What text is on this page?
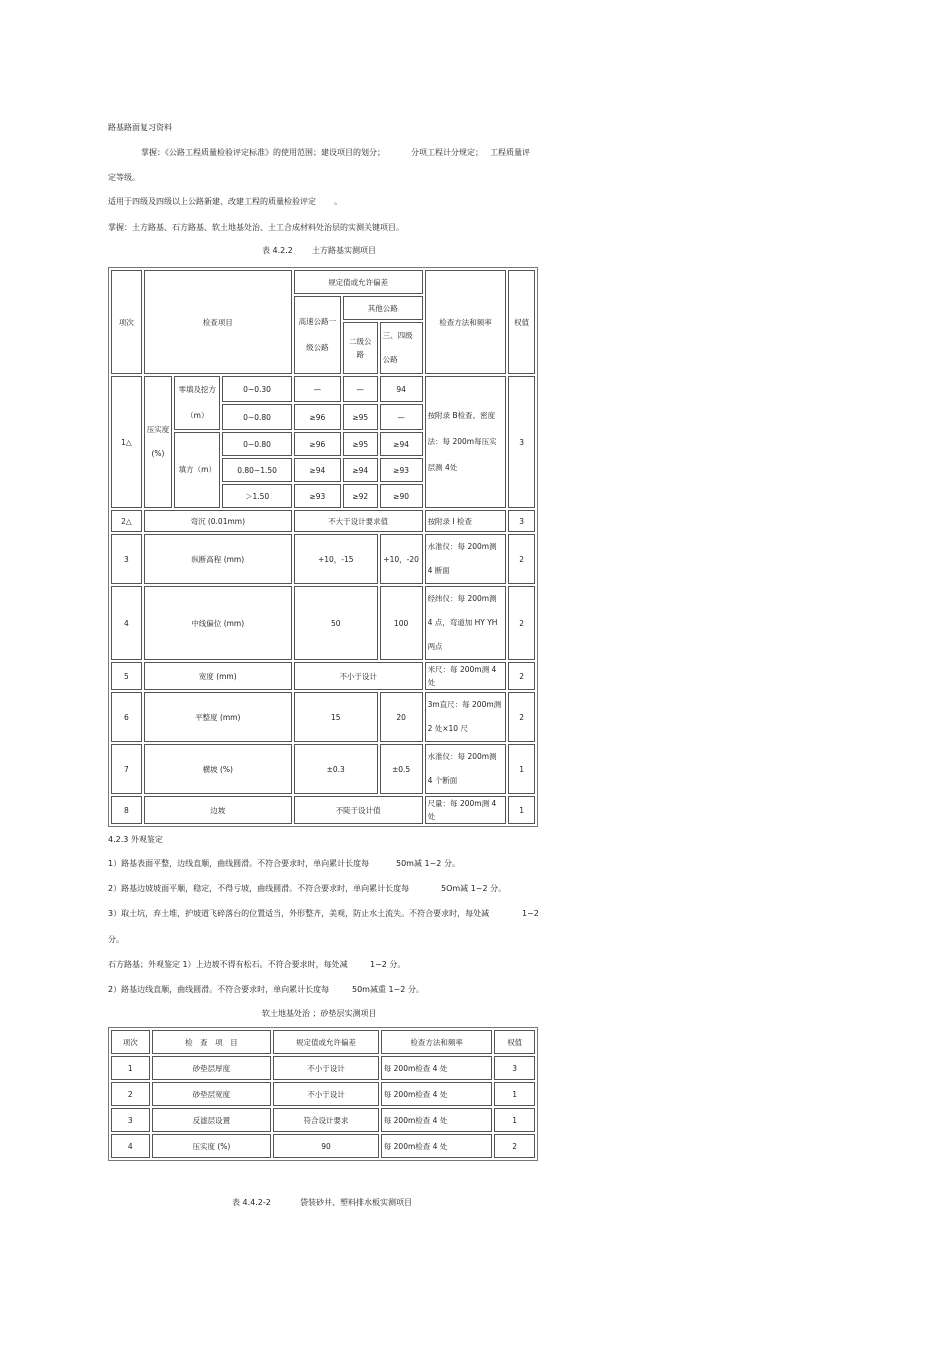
路基路面复习资料
掌握：《公路工程质量检验评定标准》的使用范围；建设项目的划分；	分项工程计分规定； 工程质量评
定等级。
适用于四级及四级以上公路新建、改建工程的质量检验评定 。
掌握：土方路基、石方路基、软土地基处治、土工合成材料处治层的实测关键项目。
表 4.2.2 土方路基实测项目
项次	检查项目			规定值或允许偏差			检查方法和频率	权值
				高速公路一级公路	其他公路			
					二级公路	三、四级公路		
1△	压实度(%)	零填及挖方（m）	0~0.30	—	—	94	按附录 B检查。密度法：每 200m每压实层测 4处	3
			0~0.80	≥96	≥95	—		
		填方（m）	0~0.80	≥96	≥95	≥94		
			0.80~1.50	≥94	≥94	≥93		
			＞1.50	≥93	≥92	≥90		
2△	弯沉 (0.01mm)			不大于设计要求值			按附录 I 检查	3
3	纵断高程 (mm)			+10，-15		+10，-20	水准仪：每 200m测 4 断面	2
4	中线偏位 (mm)			50		100	经纬仪：每 200m测 4 点，弯道加 HY YH两点	2
5	宽度 (mm)			不小于设计			米尺：每 200m测 4 处	2
6	平整度 (mm)			15		20	3m直尺：每 200m测 2 处×10 尺	2
7	横坡 (%)			±0.3		±0.5	水准仪：每 200m测 4 个断面	1
8	边坡			不陡于设计值			尺量：每 200m测 4 处	1
4.2.3 外观鉴定
1）路基表面平整，边线直顺，曲线圆滑。不符合要求时，单向累计长度每	50m减 1~2 分。
2）路基边坡坡面平顺，稳定，不得亏坡，曲线圆滑。不符合要求时，单向累计长度每	5Om减 1~2 分。
3）取土坑，弃土堆，护坡道飞碎落台的位置适当，外形整齐，美观，防止水土流失。不符合要求时，每处减	1~2
分。
石方路基；外观鉴定 1）上边坡不得有松石。不符合要求时，每处减	1~2 分。
2）路基边线直顺，曲线圆滑。不符合要求时，单向累计长度每	50m减重 1~2 分。
软土地基处治 ；砂垫层实测项目
项次	检　查　项　目	规定值或允许偏差	检查方法和频率	权值
1	砂垫层厚度	不小于设计	每 200m检查 4 处	3
2	砂垫层宽度	不小于设计	每 200m检查 4 处	1
3	反滤层设置	符合设计要求	每 200m检查 4 处	1
4	压实度 (%)	90	每 200m检查 4 处	2
表 4.4.2-2	袋装砂井、塑料排水板实测项目
